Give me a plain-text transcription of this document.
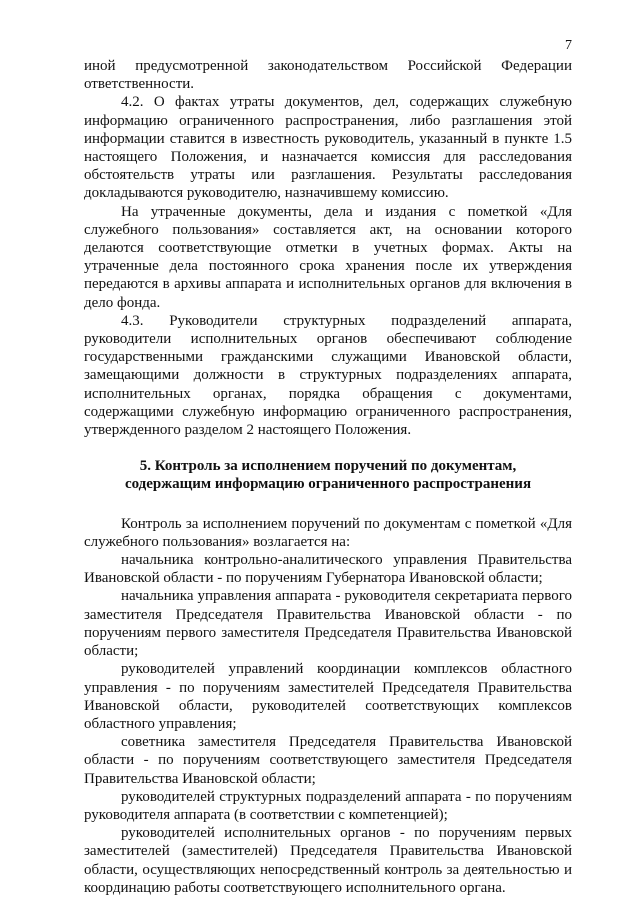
7

иной предусмотренной законодательством Российской Федерации ответственности.

4.2. О фактах утраты документов, дел, содержащих служебную информацию ограниченного распространения, либо разглашения этой информации ставится в известность руководитель, указанный в пункте 1.5 настоящего Положения, и назначается комиссия для расследования обстоятельств утраты или разглашения. Результаты расследования докладываются руководителю, назначившему комиссию.

На утраченные документы, дела и издания с пометкой «Для служебного пользования» составляется акт, на основании которого делаются соответствующие отметки в учетных формах. Акты на утраченные дела постоянного срока хранения после их утверждения передаются в архивы аппарата и исполнительных органов для включения в дело фонда.

4.3. Руководители структурных подразделений аппарата, руководители исполнительных органов обеспечивают соблюдение государственными гражданскими служащими Ивановской области, замещающими должности в структурных подразделениях аппарата, исполнительных органах, порядка обращения с документами, содержащими служебную информацию ограниченного распространения, утвержденного разделом 2 настоящего Положения.

5. Контроль за исполнением поручений по документам,
содержащим информацию ограниченного распространения

Контроль за исполнением поручений по документам с пометкой «Для служебного пользования» возлагается на:

начальника контрольно-аналитического управления Правительства Ивановской области - по поручениям Губернатора Ивановской области;

начальника управления аппарата - руководителя секретариата первого заместителя Председателя Правительства Ивановской области - по поручениям первого заместителя Председателя Правительства Ивановской области;

руководителей управлений координации комплексов областного управления - по поручениям заместителей Председателя Правительства Ивановской области, руководителей соответствующих комплексов областного управления;

советника заместителя Председателя Правительства Ивановской области - по поручениям соответствующего заместителя Председателя Правительства Ивановской области;

руководителей структурных подразделений аппарата - по поручениям руководителя аппарата (в соответствии с компетенцией);

руководителей исполнительных органов - по поручениям первых заместителей (заместителей) Председателя Правительства Ивановской области, осуществляющих непосредственный контроль за деятельностью и координацию работы соответствующего исполнительного органа.
